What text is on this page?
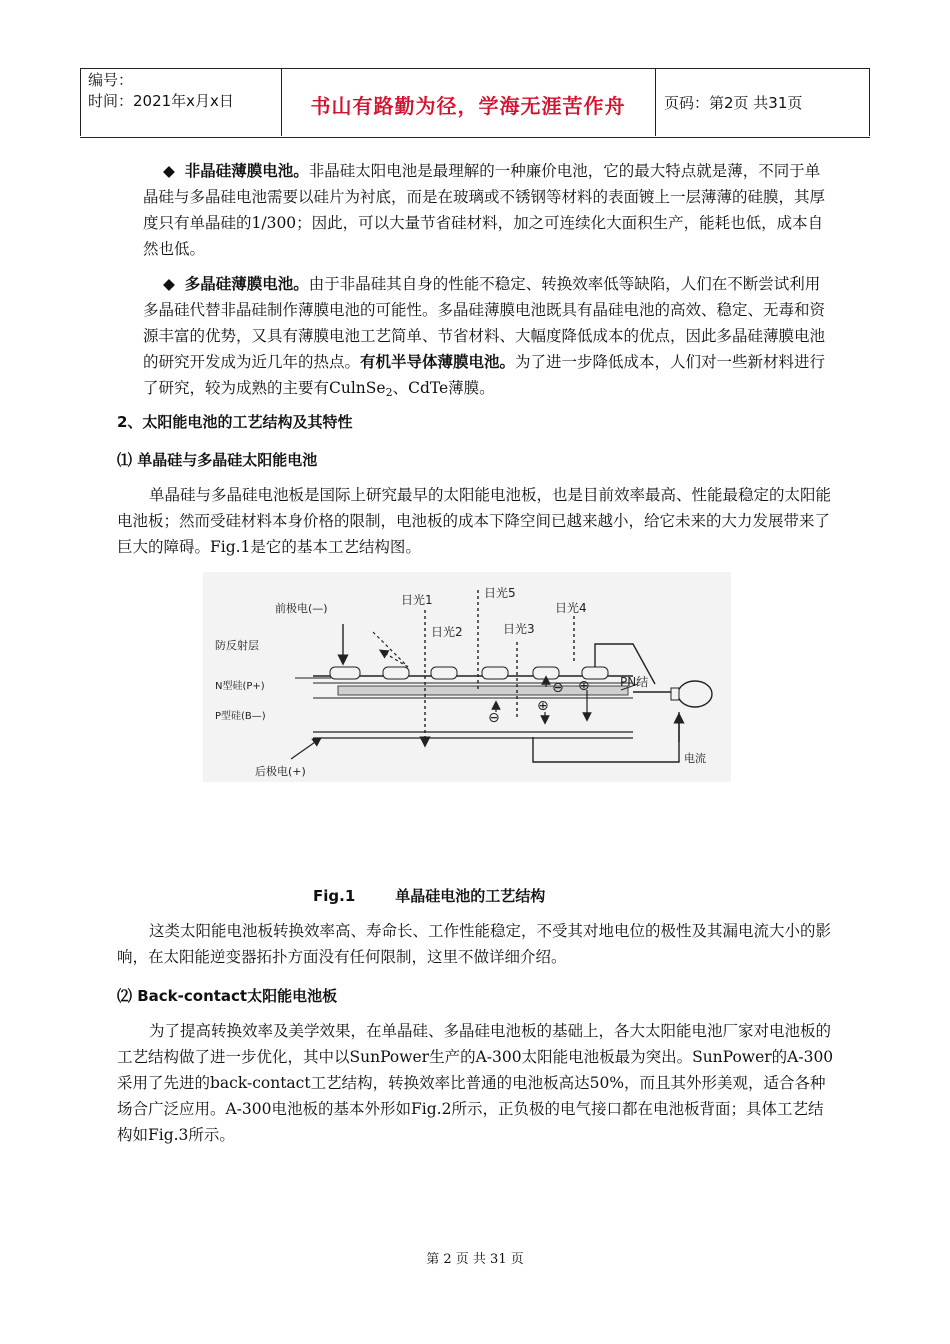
编号：
时间：2021年x月x日	书山有路勤为径，学海无涯苦作舟	页码：第2页 共31页
◆ 非晶硅薄膜电池。非晶硅太阳电池是最理解的一种廉价电池，它的最大特点就是薄，不同于单晶硅与多晶硅电池需要以硅片为衬底，而是在玻璃或不锈钢等材料的表面镀上一层薄薄的硅膜，其厚度只有单晶硅的1/300；因此，可以大量节省硅材料，加之可连续化大面积生产，能耗也低，成本自然也低。
◆ 多晶硅薄膜电池。由于非晶硅其自身的性能不稳定、转换效率低等缺陷，人们在不断尝试利用多晶硅代替非晶硅制作薄膜电池的可能性。多晶硅薄膜电池既具有晶硅电池的高效、稳定、无毒和资源丰富的优势，又具有薄膜电池工艺简单、节省材料、大幅度降低成本的优点，因此多晶硅薄膜电池的研究开发成为近几年的热点。有机半导体薄膜电池。为了进一步降低成本，人们对一些新材料进行了研究，较为成熟的主要有CulnSe$_2$、CdTe薄膜。
2、太阳能电池的工艺结构及其特性
⑴ 单晶硅与多晶硅太阳能电池
单晶硅与多晶硅电池板是国际上研究最早的太阳能电池板，也是目前效率最高、性能最稳定的太阳能电池板；然而受硅材料本身价格的限制，电池板的成本下降空间已越来越小，给它未来的大力发展带来了巨大的障碍。Fig.1是它的基本工艺结构图。
前极电(—)
防反射层
N型硅(P+)
P型硅(B—)
后极电(+)
PN结
电流
日光1
日光2	日光3
日光4
日光5
⊖ ⊕
⊖
⊕
Fig.1	单晶硅电池的工艺结构
这类太阳能电池板转换效率高、寿命长、工作性能稳定，不受其对地电位的极性及其漏电流大小的影响，在太阳能逆变器拓扑方面没有任何限制，这里不做详细介绍。
⑵ Back-contact太阳能电池板
为了提高转换效率及美学效果，在单晶硅、多晶硅电池板的基础上，各大太阳能电池厂家对电池板的工艺结构做了进一步优化，其中以SunPower生产的A-300太阳能电池板最为突出。SunPower的A-300采用了先进的back-contact工艺结构，转换效率比普通的电池板高达50%，而且其外形美观，适合各种场合广泛应用。A-300电池板的基本外形如Fig.2所示，正负极的电气接口都在电池板背面；具体工艺结构如Fig.3所示。
第 2 页 共 31 页
